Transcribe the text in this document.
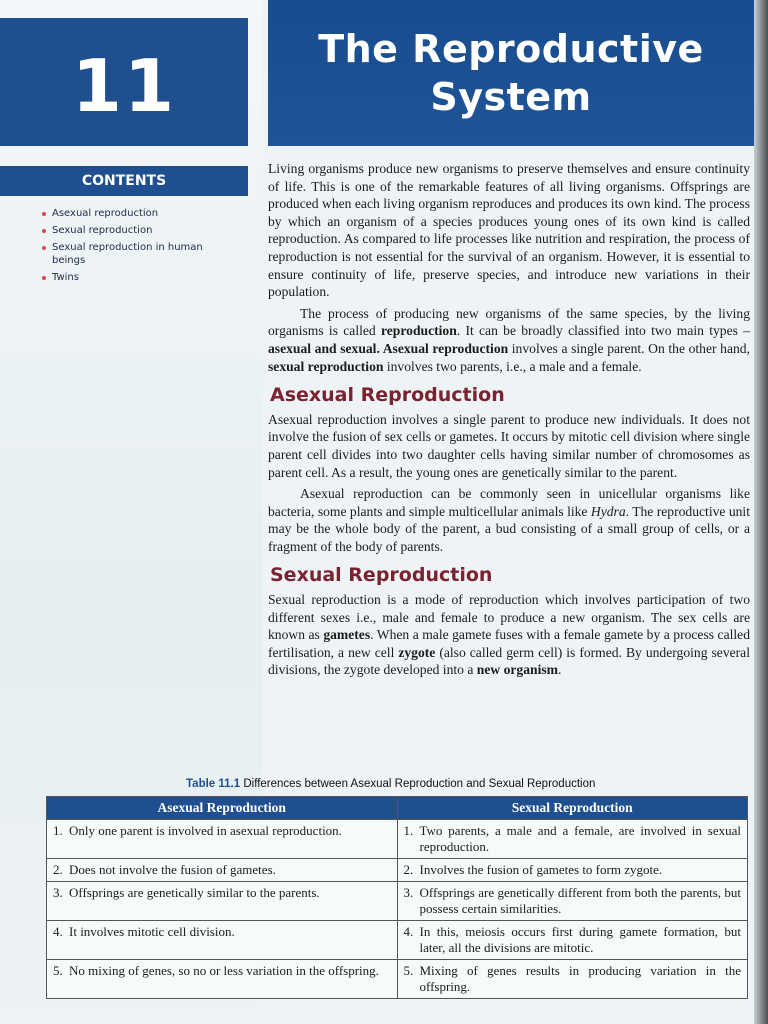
11	The Reproductive
System
CONTENTS
Asexual reproduction
Sexual reproduction
Sexual reproduction in human beings
Twins

Living organisms produce new organisms to preserve themselves and ensure continuity of life. This is one of the remarkable features of all living organisms. Offsprings are produced when each living organism reproduces and produces its own kind. The process by which an organism of a species produces young ones of its own kind is called reproduction. As compared to life processes like nutrition and respiration, the process of reproduction is not essential for the survival of an organism. However, it is essential to ensure continuity of life, preserve species, and introduce new variations in their population.

The process of producing new organisms of the same species, by the living organisms is called reproduction. It can be broadly classified into two main types – asexual and sexual. Asexual reproduction involves a single parent. On the other hand, sexual reproduction involves two parents, i.e., a male and a female.

Asexual Reproduction

Asexual reproduction involves a single parent to produce new individuals. It does not involve the fusion of sex cells or gametes. It occurs by mitotic cell division where single parent cell divides into two daughter cells having similar number of chromosomes as parent cell. As a result, the young ones are genetically similar to the parent.

Asexual reproduction can be commonly seen in unicellular organisms like bacteria, some plants and simple multicellular animals like Hydra. The reproductive unit may be the whole body of the parent, a bud consisting of a small group of cells, or a fragment of the body of parents.

Sexual Reproduction

Sexual reproduction is a mode of reproduction which involves participation of two different sexes i.e., male and female to produce a new organism. The sex cells are known as gametes. When a male gamete fuses with a female gamete by a process called fertilisation, a new cell zygote (also called germ cell) is formed. By undergoing several divisions, the zygote developed into a new organism.

Table 11.1 Differences between Asexual Reproduction and Sexual Reproduction
Asexual Reproduction	Sexual Reproduction

1. Only one parent is involved in asexual reproduction.	1. Two parents, a male and a female, are involved in sexual reproduction.

2. Does not involve the fusion of gametes.	2. Involves the fusion of gametes to form zygote.

3. Offsprings are genetically similar to the parents.	3. Offsprings are genetically different from both the parents, but possess certain similarities.

4. It involves mitotic cell division.	4. In this, meiosis occurs first during gamete formation, but later, all the divisions are mitotic.

5. No mixing of genes, so no or less variation in the offspring.	5. Mixing of genes results in producing variation in the offspring.
